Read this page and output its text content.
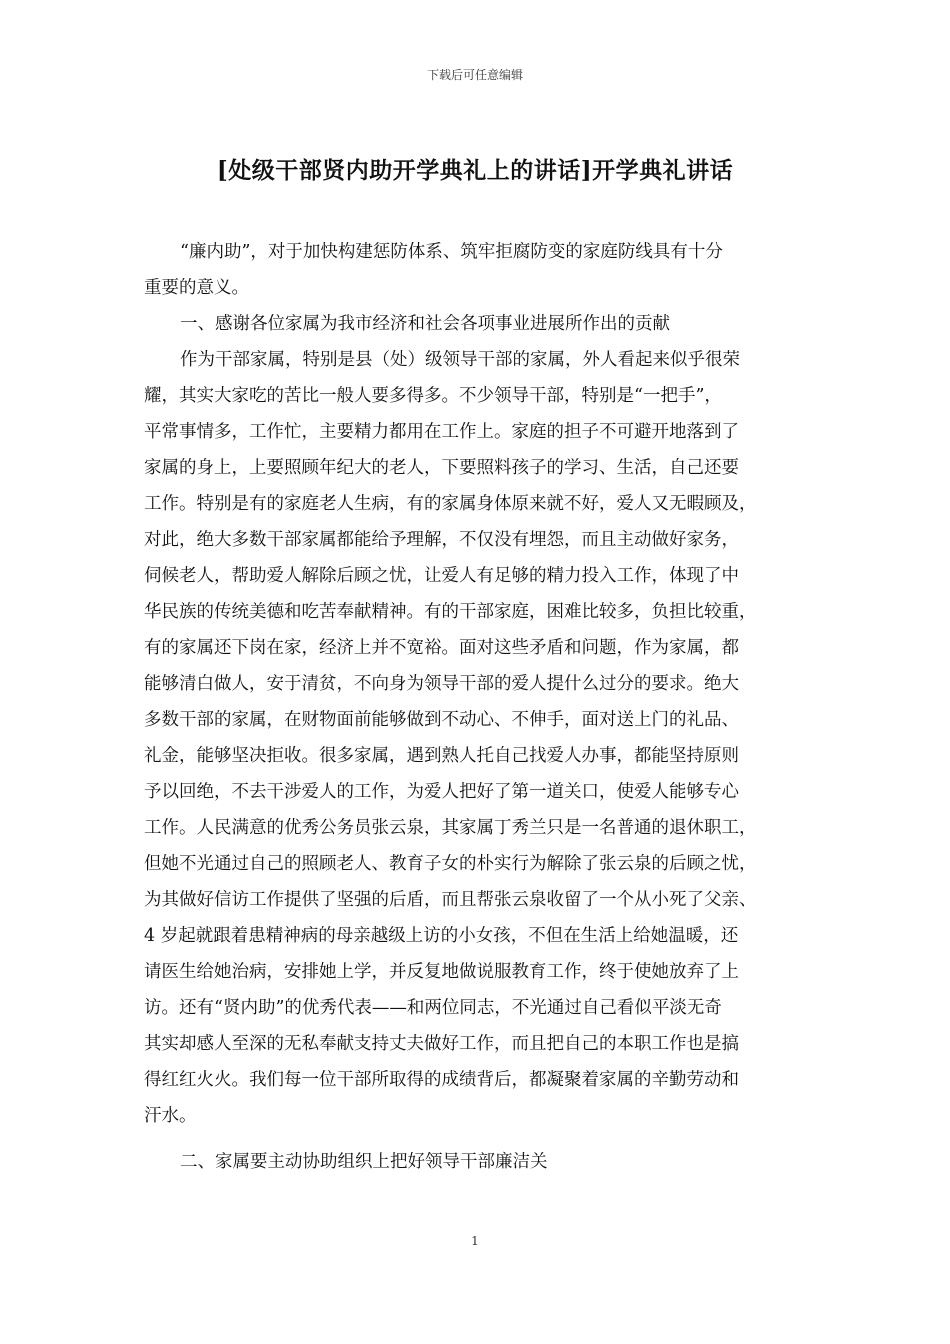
下载后可任意编辑
[处级干部贤内助开学典礼上的讲话]开学典礼讲话

“廉内助”，对于加快构建惩防体系、筑牢拒腐防变的家庭防线具有十分
重要的意义。

一、感谢各位家属为我市经济和社会各项事业进展所作出的贡献

作为干部家属，特别是县（处）级领导干部的家属，外人看起来似乎很荣
耀，其实大家吃的苦比一般人要多得多。不少领导干部，特别是“一把手”，
平常事情多，工作忙，主要精力都用在工作上。家庭的担子不可避开地落到了
家属的身上，上要照顾年纪大的老人，下要照料孩子的学习、生活，自己还要
工作。特别是有的家庭老人生病，有的家属身体原来就不好，爱人又无暇顾及，
对此，绝大多数干部家属都能给予理解，不仅没有埋怨，而且主动做好家务，
伺候老人，帮助爱人解除后顾之忧，让爱人有足够的精力投入工作，体现了中
华民族的传统美德和吃苦奉献精神。有的干部家庭，困难比较多，负担比较重，
有的家属还下岗在家，经济上并不宽裕。面对这些矛盾和问题，作为家属，都
能够清白做人，安于清贫，不向身为领导干部的爱人提什么过分的要求。绝大
多数干部的家属，在财物面前能够做到不动心、不伸手，面对送上门的礼品、
礼金，能够坚决拒收。很多家属，遇到熟人托自己找爱人办事，都能坚持原则
予以回绝，不去干涉爱人的工作，为爱人把好了第一道关口，使爱人能够专心
工作。人民满意的优秀公务员张云泉，其家属丁秀兰只是一名普通的退休职工，
但她不光通过自己的照顾老人、教育子女的朴实行为解除了张云泉的后顾之忧，
为其做好信访工作提供了坚强的后盾，而且帮张云泉收留了一个从小死了父亲、
4 岁起就跟着患精神病的母亲越级上访的小女孩，不但在生活上给她温暖，还
请医生给她治病，安排她上学，并反复地做说服教育工作，终于使她放弃了上
访。还有“贤内助”的优秀代表——和两位同志，不光通过自己看似平淡无奇
其实却感人至深的无私奉献支持丈夫做好工作，而且把自己的本职工作也是搞
得红红火火。我们每一位干部所取得的成绩背后，都凝聚着家属的辛勤劳动和
汗水。

二、家属要主动协助组织上把好领导干部廉洁关

1
